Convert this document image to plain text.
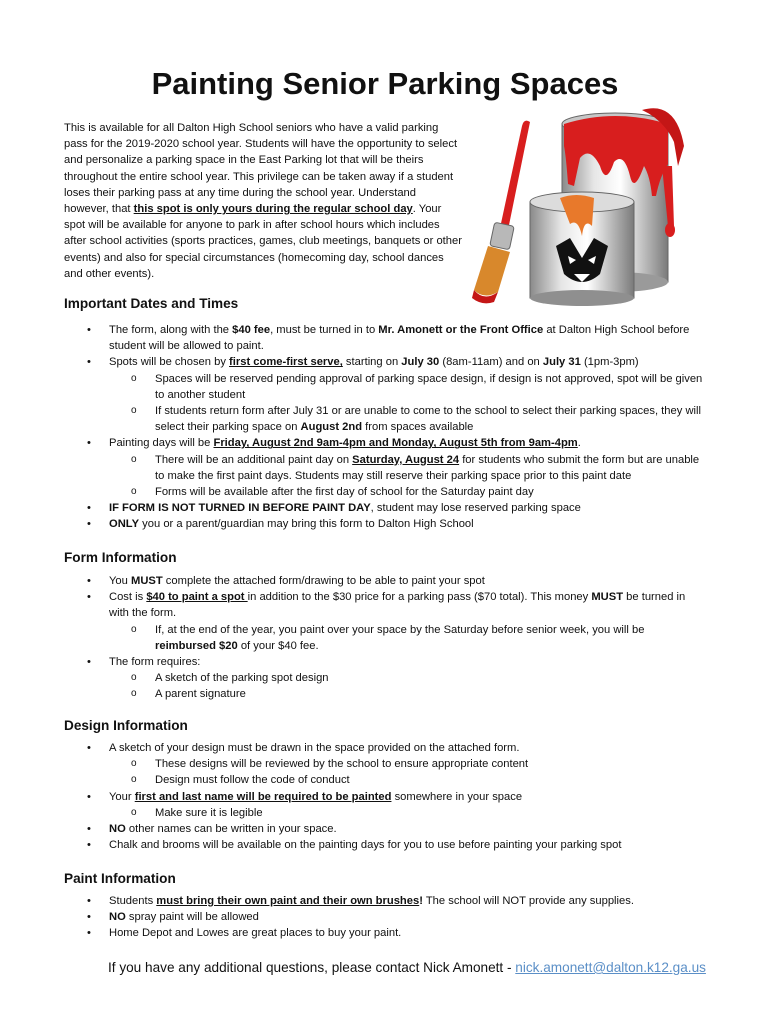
Painting Senior Parking Spaces

This is available for all Dalton High School seniors who have a valid parking pass for the 2019-2020 school year. Students will have the opportunity to select and personalize a parking space in the East Parking lot that will be theirs throughout the entire school year. This privilege can be taken away if a student loses their parking pass at any time during the school year. Understand however, that this spot is only yours during the regular school day. Your spot will be available for anyone to park in after school hours which includes after school activities (sports practices, games, club meetings, banquets or other events) and also for special circumstances (homecoming day, school dances and other events).

Important Dates and Times
• The form, along with the $40 fee, must be turned in to Mr. Amonett or the Front Office at Dalton High School before student will be allowed to paint.
• Spots will be chosen by first come-first serve, starting on July 30 (8am-11am) and on July 31 (1pm-3pm)
o Spaces will be reserved pending approval of parking space design, if design is not approved, spot will be given to another student
o If students return form after July 31 or are unable to come to the school to select their parking spaces, they will select their parking space on August 2nd from spaces available
• Painting days will be Friday, August 2nd 9am-4pm and Monday, August 5th from 9am-4pm.
o There will be an additional paint day on Saturday, August 24 for students who submit the form but are unable to make the first paint days. Students may still reserve their parking space prior to this paint date
o Forms will be available after the first day of school for the Saturday paint day
• IF FORM IS NOT TURNED IN BEFORE PAINT DAY, student may lose reserved parking space
• ONLY you or a parent/guardian may bring this form to Dalton High School
Form Information
• You MUST complete the attached form/drawing to be able to paint your spot
• Cost is $40 to paint a spot in addition to the $30 price for a parking pass ($70 total). This money MUST be turned in with the form.
o If, at the end of the year, you paint over your space by the Saturday before senior week, you will be reimbursed $20 of your $40 fee.
• The form requires:
o A sketch of the parking spot design
o A parent signature
Design Information
• A sketch of your design must be drawn in the space provided on the attached form.
o These designs will be reviewed by the school to ensure appropriate content
o Design must follow the code of conduct
• Your first and last name will be required to be painted somewhere in your space
o Make sure it is legible
• NO other names can be written in your space.
• Chalk and brooms will be available on the painting days for you to use before painting your parking spot
Paint Information
• Students must bring their own paint and their own brushes! The school will NOT provide any supplies.
• NO spray paint will be allowed
• Home Depot and Lowes are great places to buy your paint.

If you have any additional questions, please contact Nick Amonett - nick.amonett@dalton.k12.ga.us
